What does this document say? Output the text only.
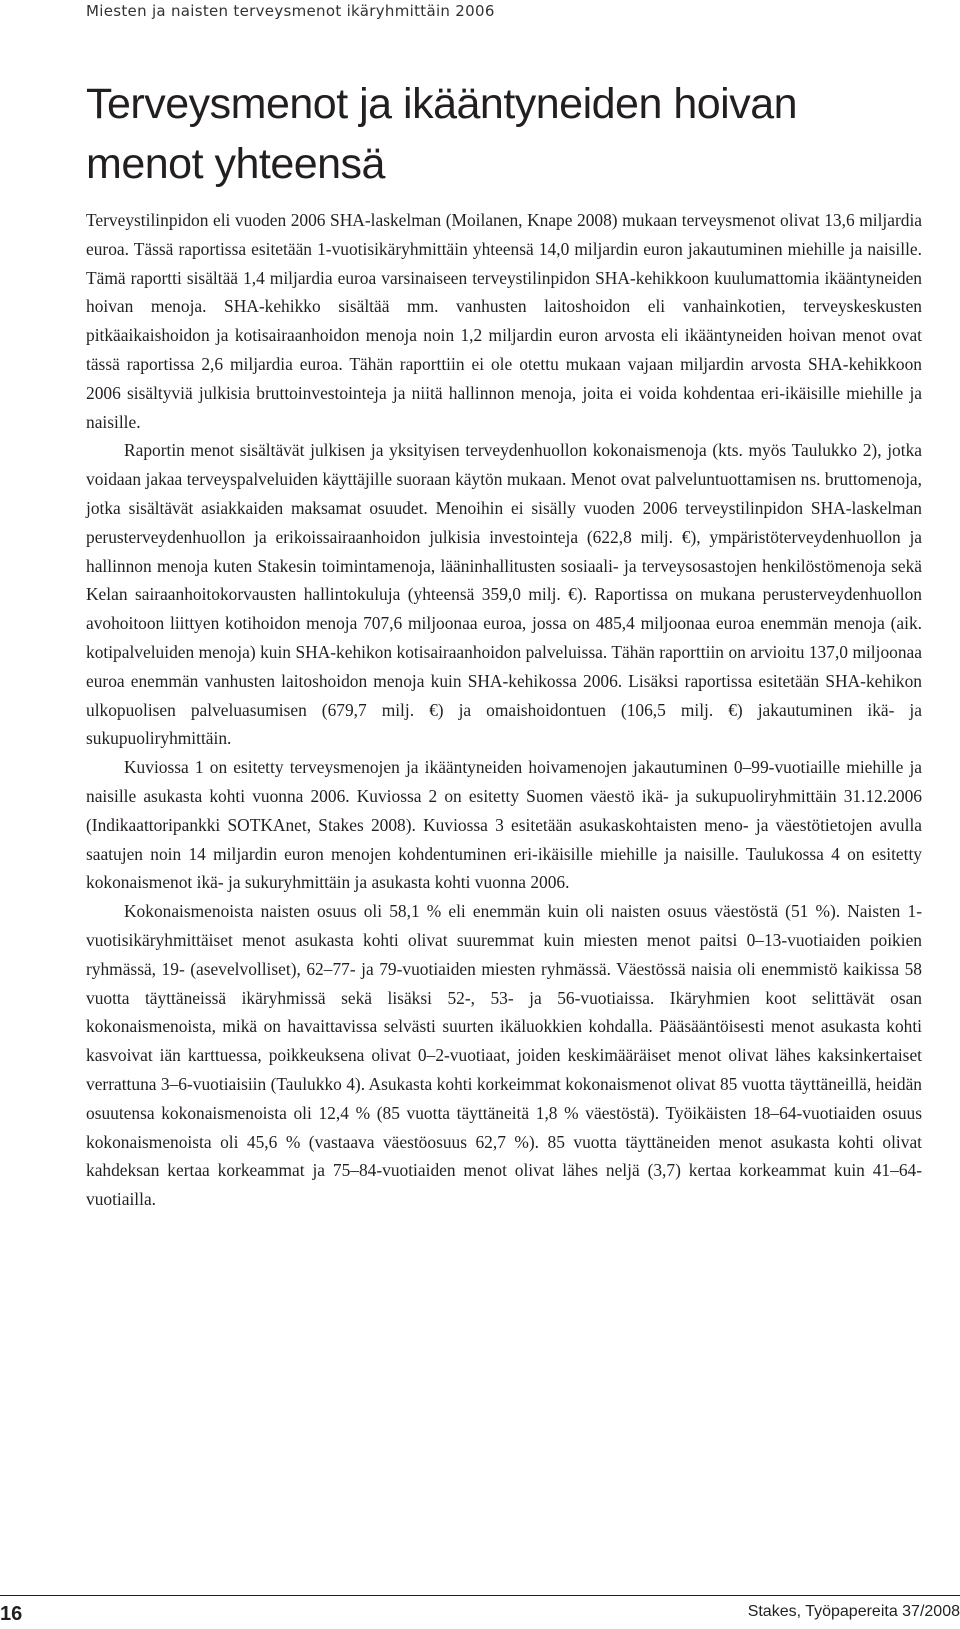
Miesten ja naisten terveysmenot ikäryhmittäin 2006
Terveysmenot ja ikääntyneiden hoivan
menot yhteensä

Terveystilinpidon eli vuoden 2006 SHA-laskelman (Moilanen, Knape 2008) mukaan terveysmenot olivat 13,6 miljardia euroa. Tässä raportissa esitetään 1-vuotisikäryhmittäin yhteensä 14,0 miljardin euron jakautuminen miehille ja naisille. Tämä raportti sisältää 1,4 miljardia euroa varsinaiseen terveystilinpidon SHA-kehikkoon kuulumattomia ikääntyneiden hoivan menoja. SHA-kehikko sisältää mm. vanhusten laitoshoidon eli vanhainkotien, terveyskeskusten pitkäaikaishoidon ja kotisairaanhoidon menoja noin 1,2 miljardin euron arvosta eli ikääntyneiden hoivan menot ovat tässä raportissa 2,6 miljardia euroa. Tähän raporttiin ei ole otettu mukaan vajaan miljardin arvosta SHA-kehikkoon 2006 sisältyviä julkisia bruttoinvestointeja ja niitä hallinnon menoja, joita ei voida kohdentaa eri-ikäisille miehille ja naisille.

Raportin menot sisältävät julkisen ja yksityisen terveydenhuollon kokonaismenoja (kts. myös Taulukko 2), jotka voidaan jakaa terveyspalveluiden käyttäjille suoraan käytön mukaan. Menot ovat palveluntuottamisen ns. bruttomenoja, jotka sisältävät asiakkaiden maksamat osuudet. Menoihin ei sisälly vuoden 2006 terveystilinpidon SHA-laskelman perusterveydenhuollon ja erikoissairaanhoidon julkisia investointeja (622,8 milj. €), ympäristöterveydenhuollon ja hallinnon menoja kuten Stakesin toimintamenoja, lääninhallitusten sosiaali- ja terveysosastojen henkilöstömenoja sekä Kelan sairaanhoitokorvausten hallintokuluja (yhteensä 359,0 milj. €). Raportissa on mukana perusterveydenhuollon avohoitoon liittyen kotihoidon menoja 707,6 miljoonaa euroa, jossa on 485,4 miljoonaa euroa enemmän menoja (aik. kotipalveluiden menoja) kuin SHA-kehikon kotisairaanhoidon palveluissa. Tähän raporttiin on arvioitu 137,0 miljoonaa euroa enemmän vanhusten laitoshoidon menoja kuin SHA-kehikossa 2006. Lisäksi raportissa esitetään SHA-kehikon ulkopuolisen palveluasumisen (679,7 milj. €) ja omaishoidontuen (106,5 milj. €) jakautuminen ikä- ja sukupuoliryhmittäin.

Kuviossa 1 on esitetty terveysmenojen ja ikääntyneiden hoivamenojen jakautuminen 0–99-vuotiaille miehille ja naisille asukasta kohti vuonna 2006. Kuviossa 2 on esitetty Suomen väestö ikä- ja sukupuoliryhmittäin 31.12.2006 (Indikaattoripankki SOTKAnet, Stakes 2008). Kuviossa 3 esitetään asukaskohtaisten meno- ja väestötietojen avulla saatujen noin 14 miljardin euron menojen kohdentuminen eri-ikäisille miehille ja naisille. Taulukossa 4 on esitetty kokonaismenot ikä- ja sukuryhmittäin ja asukasta kohti vuonna 2006.

Kokonaismenoista naisten osuus oli 58,1 % eli enemmän kuin oli naisten osuus väestöstä (51 %). Naisten 1-vuotisikäryhmittäiset menot asukasta kohti olivat suuremmat kuin miesten menot paitsi 0–13-vuotiaiden poikien ryhmässä, 19- (asevelvolliset), 62–77- ja 79-vuotiaiden miesten ryhmässä. Väestössä naisia oli enemmistö kaikissa 58 vuotta täyttäneissä ikäryhmissä sekä lisäksi 52-, 53- ja 56-vuotiaissa. Ikäryhmien koot selittävät osan kokonaismenoista, mikä on havaittavissa selvästi suurten ikäluokkien kohdalla. Pääsääntöisesti menot asukasta kohti kasvoivat iän karttuessa, poikkeuksena olivat 0–2-vuotiaat, joiden keskimääräiset menot olivat lähes kaksinkertaiset verrattuna 3–6-vuotiaisiin (Taulukko 4). Asukasta kohti korkeimmat kokonaismenot olivat 85 vuotta täyttäneillä, heidän osuutensa kokonaismenoista oli 12,4 % (85 vuotta täyttäneitä 1,8 % väestöstä). Työikäisten 18–64-vuotiaiden osuus kokonaismenoista oli 45,6 % (vastaava väestöosuus 62,7 %). 85 vuotta täyttäneiden menot asukasta kohti olivat kahdeksan kertaa korkeammat ja 75–84-vuotiaiden menot olivat lähes neljä (3,7) kertaa korkeammat kuin 41–64-vuotiailla.

16	Stakes, Työpapereita 37/2008
